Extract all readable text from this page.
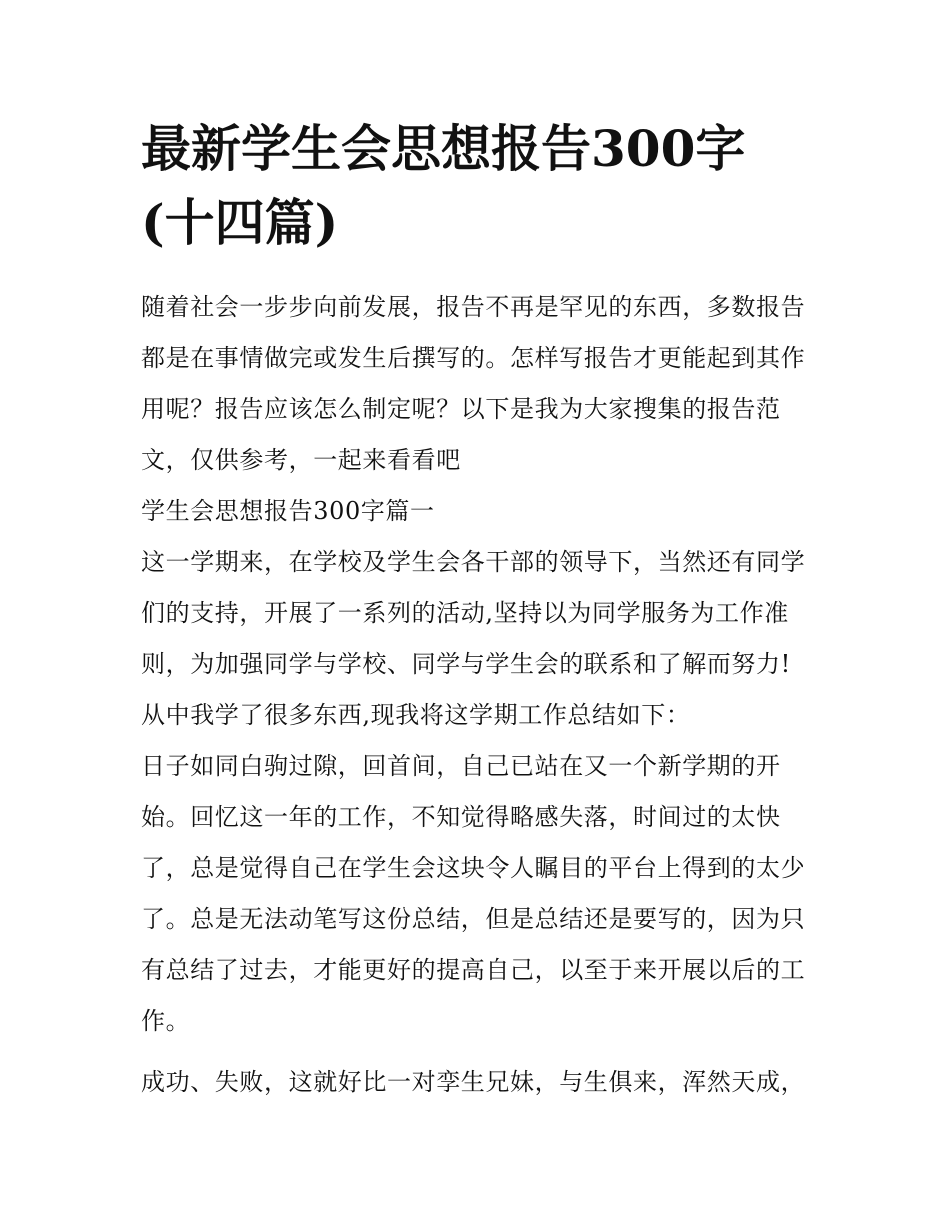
最新学生会思想报告300字(十四篇)

随着社会一步步向前发展，报告不再是罕见的东西，多数报告都是在事情做完或发生后撰写的。怎样写报告才更能起到其作用呢？报告应该怎么制定呢？以下是我为大家搜集的报告范文，仅供参考，一起来看看吧

学生会思想报告300字篇一

这一学期来，在学校及学生会各干部的领导下，当然还有同学们的支持，开展了一系列的活动,坚持以为同学服务为工作准则，为加强同学与学校、同学与学生会的联系和了解而努力!

从中我学了很多东西,现我将这学期工作总结如下：

日子如同白驹过隙，回首间，自己已站在又一个新学期的开始。回忆这一年的工作，不知觉得略感失落，时间过的太快了，总是觉得自己在学生会这块令人瞩目的平台上得到的太少了。总是无法动笔写这份总结，但是总结还是要写的，因为只有总结了过去，才能更好的提高自己，以至于来开展以后的工作。

成功、失败，这就好比一对孪生兄妹，与生俱来，浑然天成，
